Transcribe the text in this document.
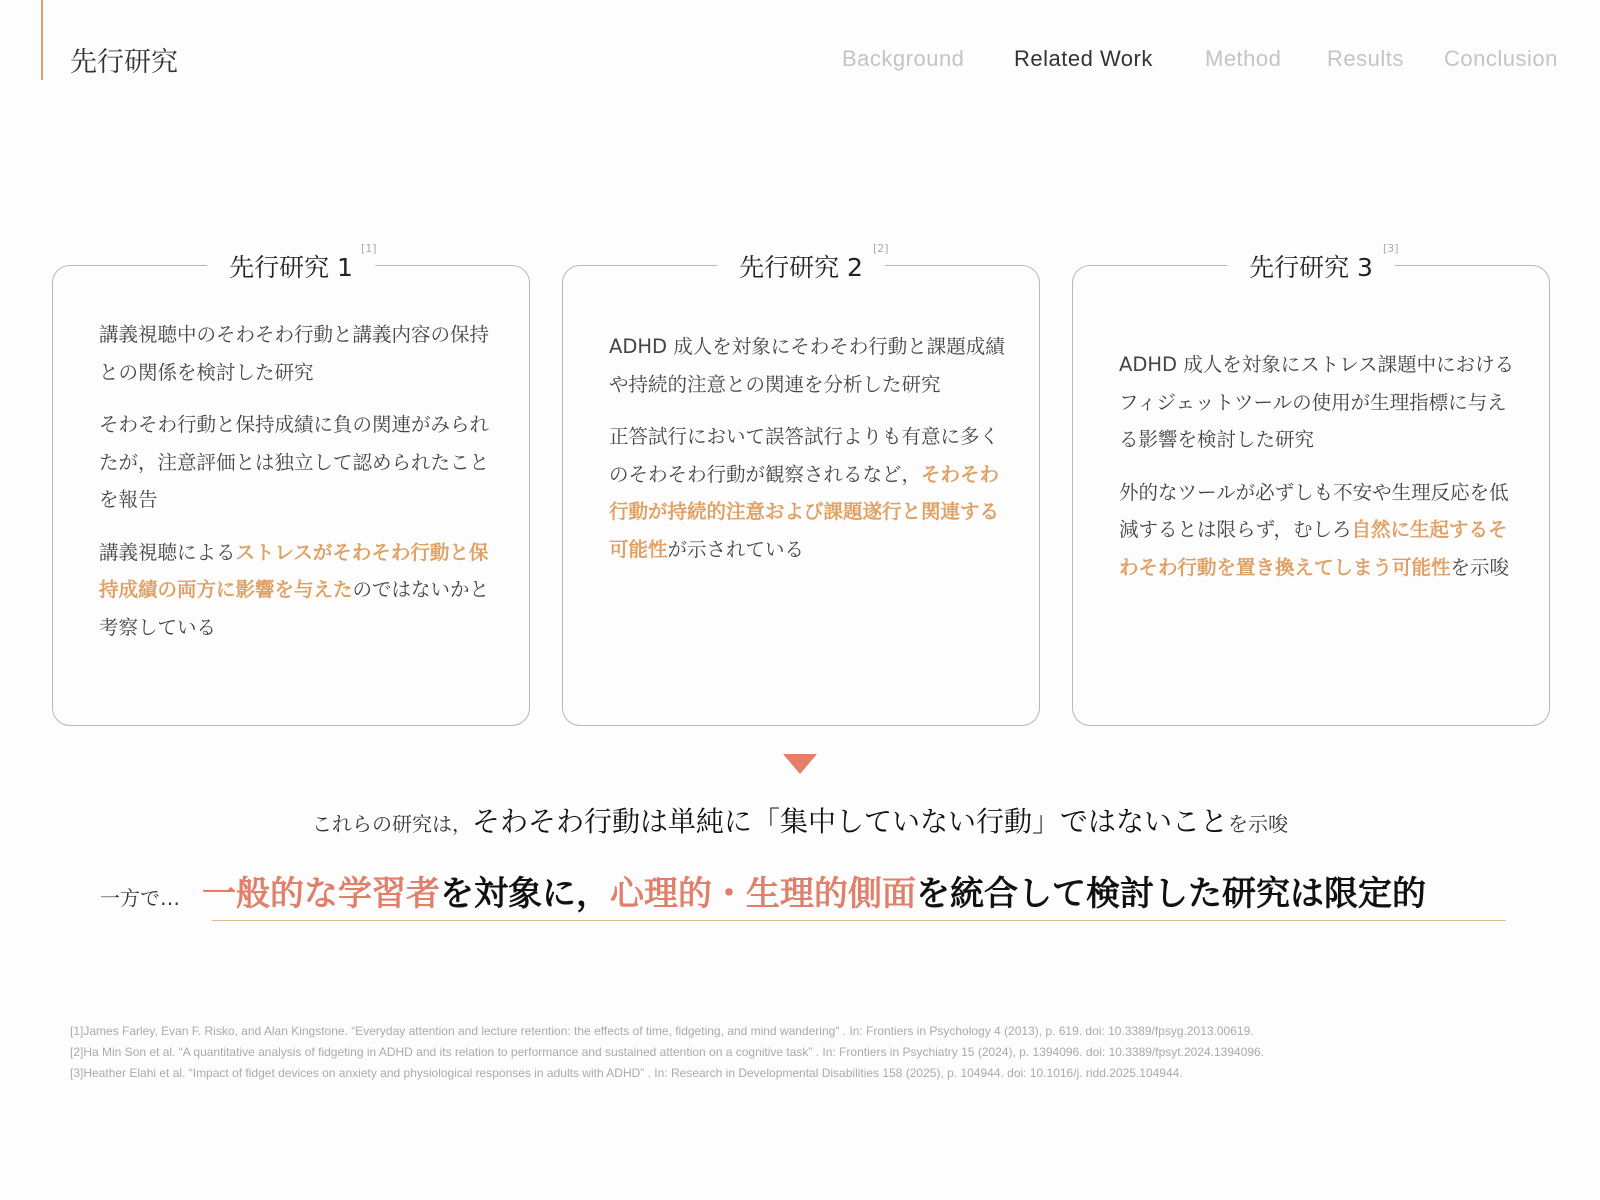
先行研究	Background Related Work Method Results Conclusion
先行研究 1
[1]

講義視聴中のそわそわ行動と講義内容の保持との関係を検討した研究

そわそわ行動と保持成績に負の関連がみられたが，注意評価とは独立して認められたことを報告

講義視聴によるストレスがそわそわ行動と保持成績の両方に影響を与えたのではないかと考察している

先行研究 2
[2]

ADHD 成人を対象にそわそわ行動と課題成績や持続的注意との関連を分析した研究

正答試行において誤答試行よりも有意に多くのそわそわ行動が観察されるなど，そわそわ行動が持続的注意および課題遂行と関連する可能性が示されている

先行研究 3
[3]

ADHD 成人を対象にストレス課題中におけるフィジェットツールの使用が生理指標に与える影響を検討した研究

外的なツールが必ずしも不安や生理反応を低減するとは限らず，むしろ自然に生起するそわそわ行動を置き換えてしまう可能性を示唆

これらの研究は，そわそわ行動は単純に「集中していない行動」ではないことを示唆
一方で… 一般的な学習者を対象に，心理的・生理的側面を統合して検討した研究は限定的
[1]James Farley, Evan F. Risko, and Alan Kingstone. “Everyday attention and lecture retention: the effects of time, fidgeting, and mind wandering” . In: Frontiers in Psychology 4 (2013), p. 619. doi: 10.3389/fpsyg.2013.00619.
[2]Ha Min Son et al. “A quantitative analysis of fidgeting in ADHD and its relation to performance and sustained attention on a cognitive task” . In: Frontiers in Psychiatry 15 (2024), p. 1394096. doi: 10.3389/fpsyt.2024.1394096.
[3]Heather Elahi et al. “Impact of fidget devices on anxiety and physiological responses in adults with ADHD” . In: Research in Developmental Disabilities 158 (2025), p. 104944. doi: 10.1016/j. ridd.2025.104944.
